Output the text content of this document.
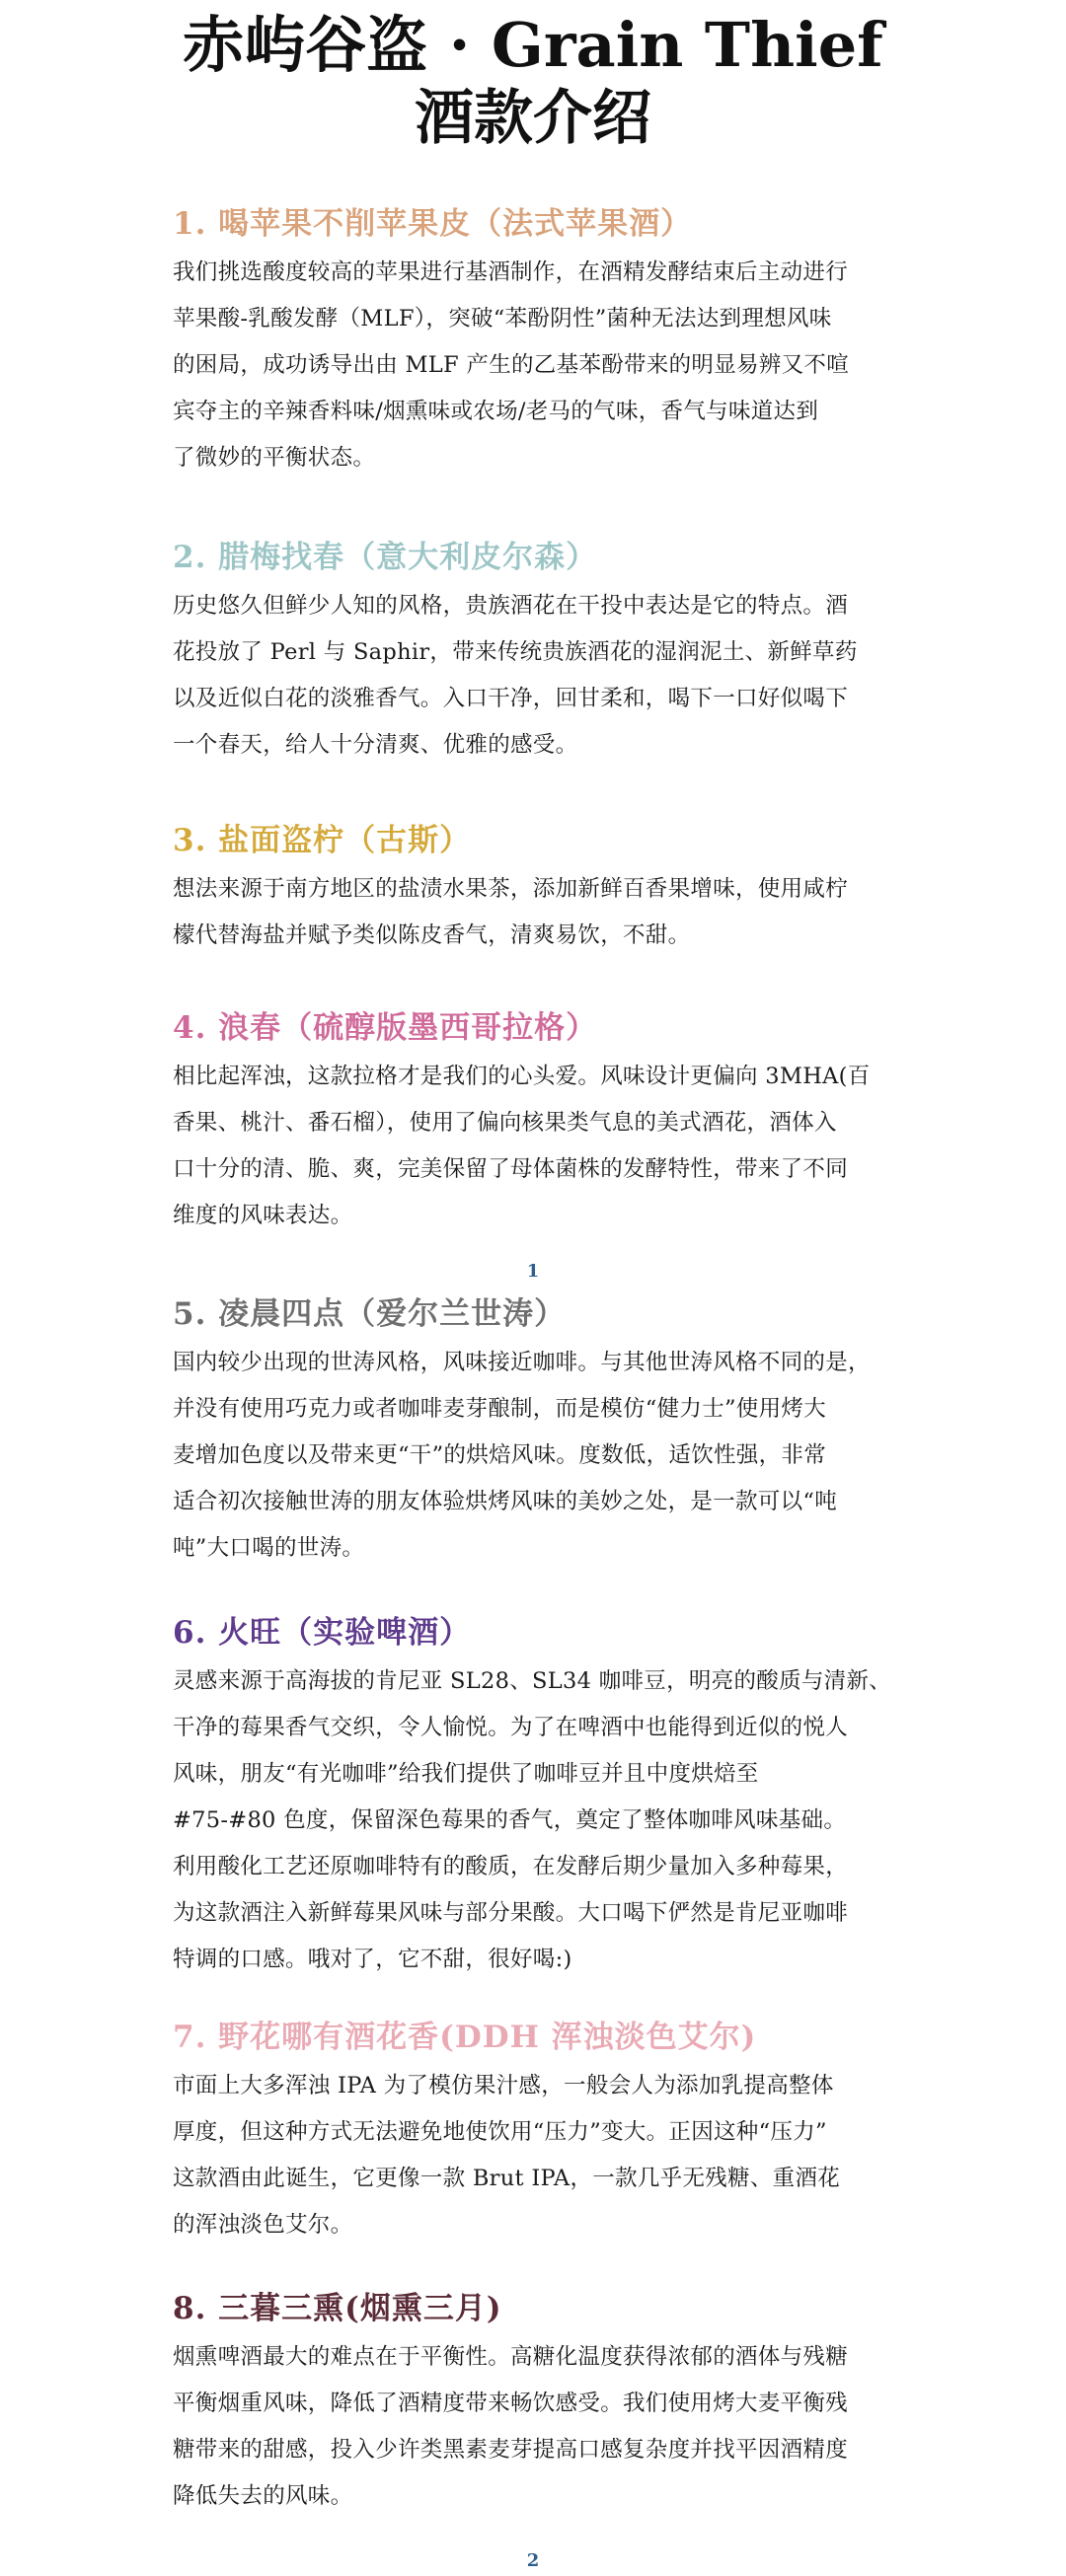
赤屿谷盗 · Grain Thief
酒款介绍
1. 喝苹果不削苹果皮（法式苹果酒）
我们挑选酸度较高的苹果进行基酒制作，在酒精发酵结束后主动进行
苹果酸-乳酸发酵（MLF），突破“苯酚阴性”菌种无法达到理想风味
的困局，成功诱导出由 MLF 产生的乙基苯酚带来的明显易辨又不喧
宾夺主的辛辣香料味/烟熏味或农场/老马的气味，香气与味道达到
了微妙的平衡状态。
2. 腊梅找春（意大利皮尔森）
历史悠久但鲜少人知的风格，贵族酒花在干投中表达是它的特点。酒
花投放了 Perl 与 Saphir，带来传统贵族酒花的湿润泥土、新鲜草药
以及近似白花的淡雅香气。入口干净，回甘柔和，喝下一口好似喝下
一个春天，给人十分清爽、优雅的感受。
3. 盐面盗柠（古斯）
想法来源于南方地区的盐渍水果茶，添加新鲜百香果增味，使用咸柠
檬代替海盐并赋予类似陈皮香气，清爽易饮，不甜。
4. 浪春（硫醇版墨西哥拉格）
相比起浑浊，这款拉格才是我们的心头爱。风味设计更偏向 3MHA(百
香果、桃汁、番石榴），使用了偏向核果类气息的美式酒花，酒体入
口十分的清、脆、爽，完美保留了母体菌株的发酵特性，带来了不同
维度的风味表达。
1
5. 凌晨四点（爱尔兰世涛）
国内较少出现的世涛风格，风味接近咖啡。与其他世涛风格不同的是，
并没有使用巧克力或者咖啡麦芽酿制，而是模仿“健力士”使用烤大
麦增加色度以及带来更“干”的烘焙风味。度数低，适饮性强，非常
适合初次接触世涛的朋友体验烘烤风味的美妙之处，是一款可以“吨
吨”大口喝的世涛。
6. 火旺（实验啤酒）
灵感来源于高海拔的肯尼亚 SL28、SL34 咖啡豆，明亮的酸质与清新、
干净的莓果香气交织，令人愉悦。为了在啤酒中也能得到近似的悦人
风味，朋友“有光咖啡”给我们提供了咖啡豆并且中度烘焙至
#75-#80 色度，保留深色莓果的香气，奠定了整体咖啡风味基础。
利用酸化工艺还原咖啡特有的酸质，在发酵后期少量加入多种莓果，
为这款酒注入新鲜莓果风味与部分果酸。大口喝下俨然是肯尼亚咖啡
特调的口感。哦对了，它不甜，很好喝:)
7. 野花哪有酒花香(DDH 浑浊淡色艾尔)
市面上大多浑浊 IPA 为了模仿果汁感，一般会人为添加乳提高整体
厚度，但这种方式无法避免地使饮用“压力”变大。正因这种“压力”
这款酒由此诞生，它更像一款 Brut IPA，一款几乎无残糖、重酒花
的浑浊淡色艾尔。
8. 三暮三熏(烟熏三月)
烟熏啤酒最大的难点在于平衡性。高糖化温度获得浓郁的酒体与残糖
平衡烟重风味，降低了酒精度带来畅饮感受。我们使用烤大麦平衡残
糖带来的甜感，投入少许类黑素麦芽提高口感复杂度并找平因酒精度
降低失去的风味。
2
